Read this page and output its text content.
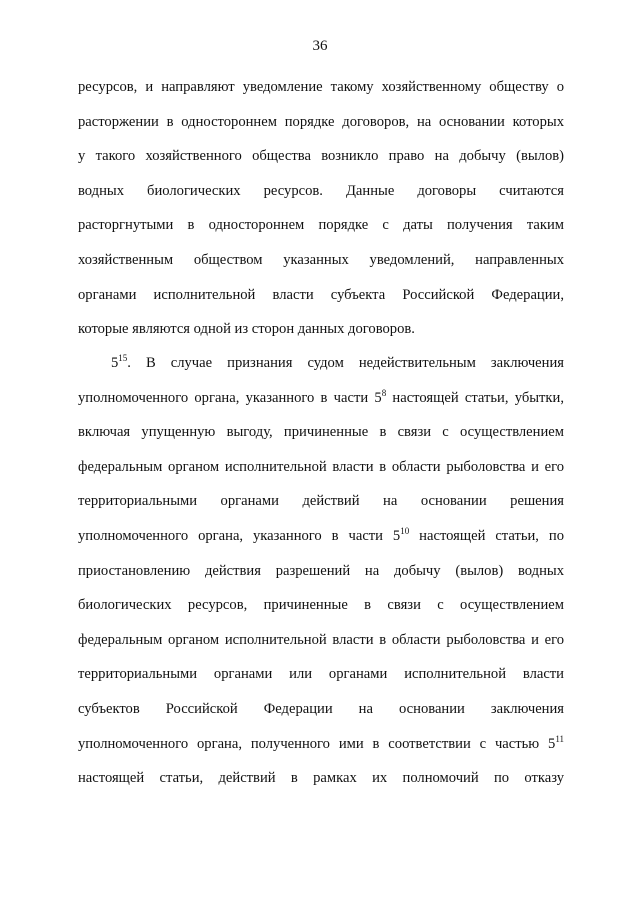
36
ресурсов, и направляют уведомление такому хозяйственному обществу о
расторжении в одностороннем порядке договоров, на основании которых
у такого хозяйственного общества возникло право на добычу (вылов)
водных биологических ресурсов. Данные договоры считаются
расторгнутыми в одностороннем порядке с даты получения таким
хозяйственным обществом указанных уведомлений, направленных
органами исполнительной власти субъекта Российской Федерации,
которые являются одной из сторон данных договоров.
$5^{15}$. В случае признания судом недействительным заключения
уполномоченного органа, указанного в части $5^8$ настоящей статьи, убытки,
включая упущенную выгоду, причиненные в связи с осуществлением
федеральным органом исполнительной власти в области рыболовства и его
территориальными органами действий на основании решения
уполномоченного органа, указанного в части $5^{10}$ настоящей статьи, по
приостановлению действия разрешений на добычу (вылов) водных
биологических ресурсов, причиненные в связи с осуществлением
федеральным органом исполнительной власти в области рыболовства и его
территориальными органами или органами исполнительной власти
субъектов Российской Федерации на основании заключения
уполномоченного органа, полученного ими в соответствии с частью $5^{11}$
настоящей статьи, действий в рамках их полномочий по отказу
